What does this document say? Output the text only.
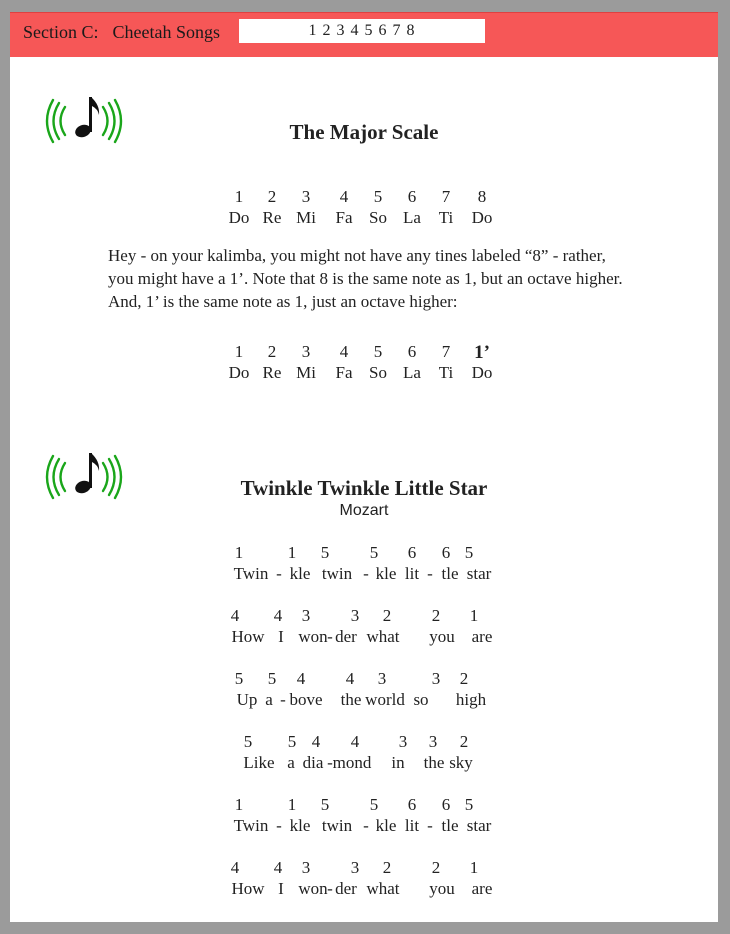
Section C: Cheetah Songs	1 2 3 4 5 6 7 8
The Major Scale
1 2 3 4 5 6 7 8
Do Re Mi Fa So La Ti Do
Hey - on your kalimba, you might not have any tines labeled “8” - rather, you might have a 1’. Note that 8 is the same note as 1, but an octave higher. And, 1’ is the same note as 1, just an octave higher:
1 2 3 4 5 6 7 1’
Do Re Mi Fa So La Ti Do
Twinkle Twinkle Little Star
Mozart
1	1 5 5 6 6 5
Twin - kle twin - kle lit - tle star
4 4 3 3 2 2 1
How I won - der what you are
5 5 4 4 3	3 2
Up a - bove the world so high
5 5 4 4 3 3 2
Like a dia - mond in the sky
1	1 5 5 6 6 5
Twin - kle twin - kle lit - tle star
4 4 3 3 2 2 1
How I won - der what you are
